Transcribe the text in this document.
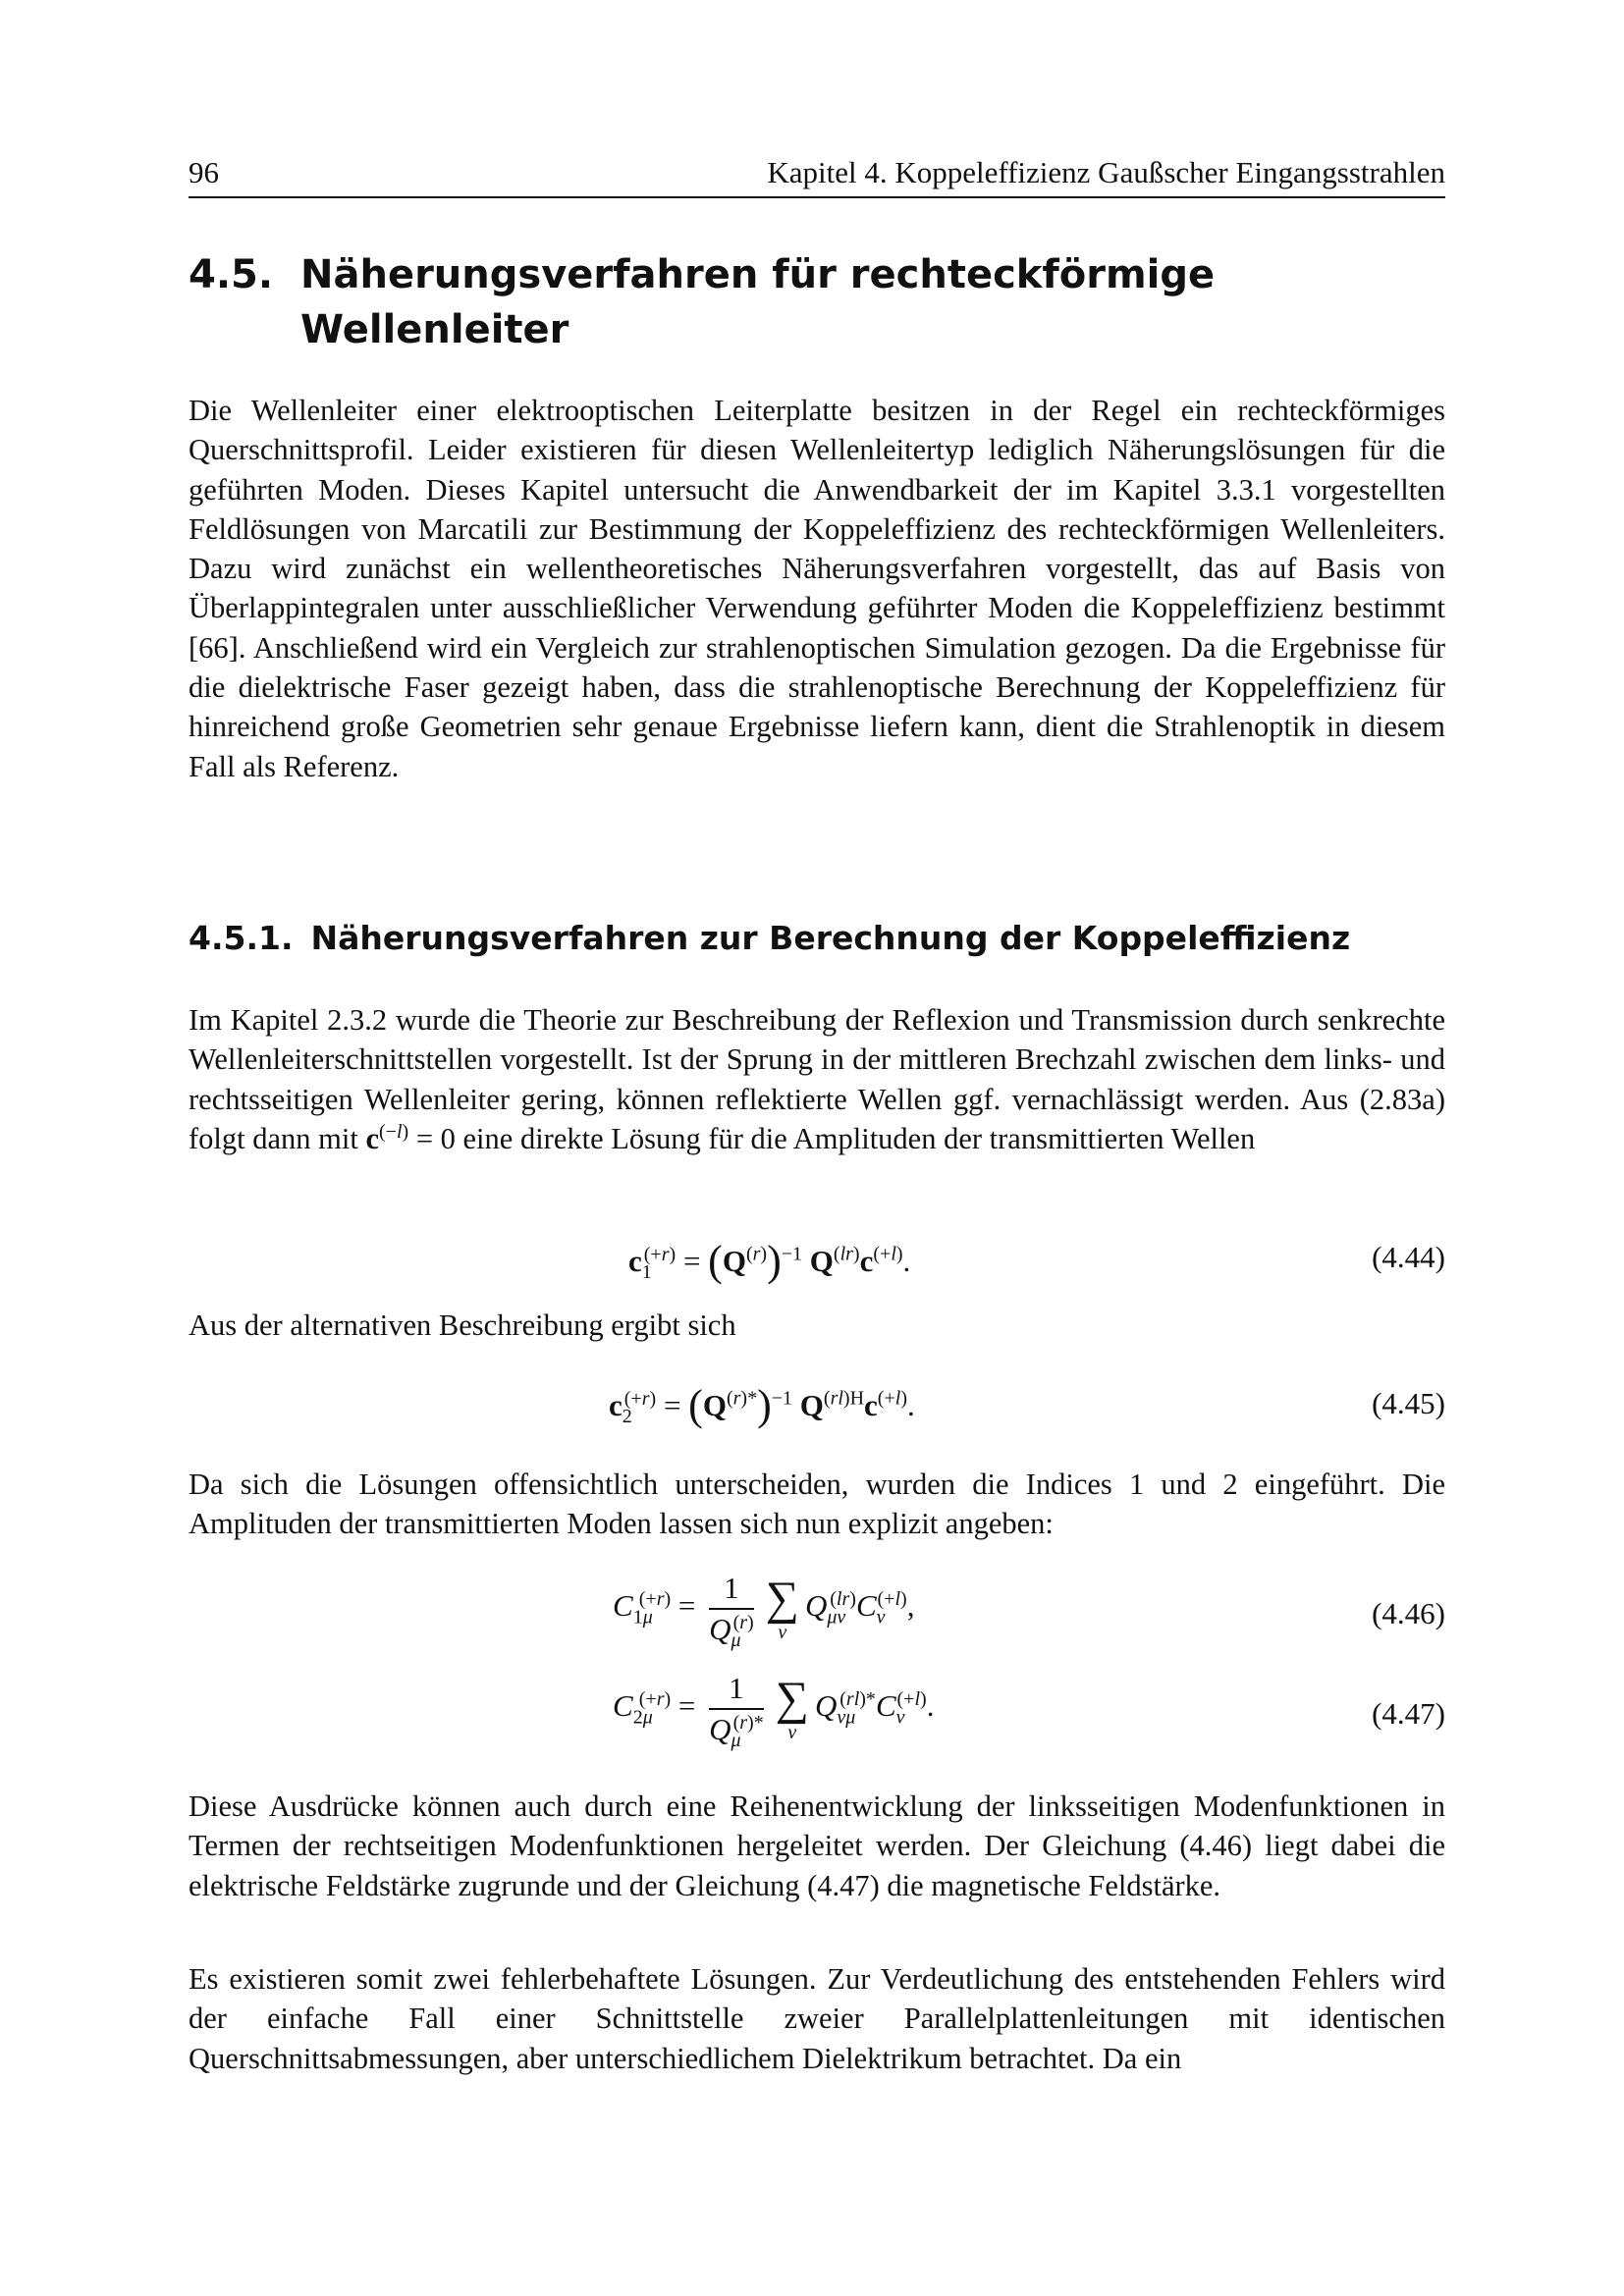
96	Kapitel 4. Koppeleffizienz Gaußscher Eingangsstrahlen
4.5. Näherungsverfahren für rechteckförmige Wellenleiter

Die Wellenleiter einer elektrooptischen Leiterplatte besitzen in der Regel ein rechteckförmiges Querschnittsprofil. Leider existieren für diesen Wellenleitertyp lediglich Näherungslösungen für die geführten Moden. Dieses Kapitel untersucht die Anwendbarkeit der im Kapitel 3.3.1 vorgestellten Feldlösungen von Marcatili zur Bestimmung der Koppeleffizienz des rechteckförmigen Wellenleiters. Dazu wird zunächst ein wellentheoretisches Näherungsverfahren vorgestellt, das auf Basis von Überlappintegralen unter ausschließlicher Verwendung geführter Moden die Koppeleffizienz bestimmt [66]. Anschließend wird ein Vergleich zur strahlenoptischen Simulation gezogen. Da die Ergebnisse für die dielektrische Faser gezeigt haben, dass die strahlenoptische Berechnung der Koppeleffizienz für hinreichend große Geometrien sehr genaue Ergebnisse liefern kann, dient die Strahlenoptik in diesem Fall als Referenz.

4.5.1. Näherungsverfahren zur Berechnung der Koppeleffizienz

Im Kapitel 2.3.2 wurde die Theorie zur Beschreibung der Reflexion und Transmission durch senkrechte Wellenleiterschnittstellen vorgestellt. Ist der Sprung in der mittleren Brechzahl zwischen dem links- und rechtsseitigen Wellenleiter gering, können reflektierte Wellen ggf. vernachlässigt werden. Aus (2.83a) folgt dann mit $c^{(-l)} = 0$ eine direkte Lösung für die Amplituden der transmittierten Wellen

$c_1^{(+r)} = (Q^{(r)})^{-1}$ $Q^{(lr)}c^{(+l)}$.	(4.44)

Aus der alternativen Beschreibung ergibt sich

$c_2^{(+r)} = (Q^{(r)*})^{-1}$ $Q^{(rl)H}c^{(+l)}$.	(4.45)

Da sich die Lösungen offensichtlich unterscheiden, wurden die Indices 1 und 2 eingeführt. Die Amplituden der transmittierten Moden lassen sich nun explizit angeben:

$C_{1\mu}^{(+r)} = \frac{1}{Q_\mu^{(r)}}$ ∑
ν
$Q_{\mu\nu}^{(lr)}C_\nu^{(+l)}$,	(4.46)
$C_{2\mu}^{(+r)} = \frac{1}{Q_\mu^{(r)*}}$ ∑
ν
$Q_{\nu\mu}^{(rl)*}C_\nu^{(+l)}$.	(4.47)

Diese Ausdrücke können auch durch eine Reihenentwicklung der linksseitigen Modenfunktionen in Termen der rechtseitigen Modenfunktionen hergeleitet werden. Der Gleichung (4.46) liegt dabei die elektrische Feldstärke zugrunde und der Gleichung (4.47) die magnetische Feldstärke.

Es existieren somit zwei fehlerbehaftete Lösungen. Zur Verdeutlichung des entstehenden Fehlers wird der einfache Fall einer Schnittstelle zweier Parallelplattenleitungen mit identischen Querschnittsabmessungen, aber unterschiedlichem Dielektrikum betrachtet. Da ein
